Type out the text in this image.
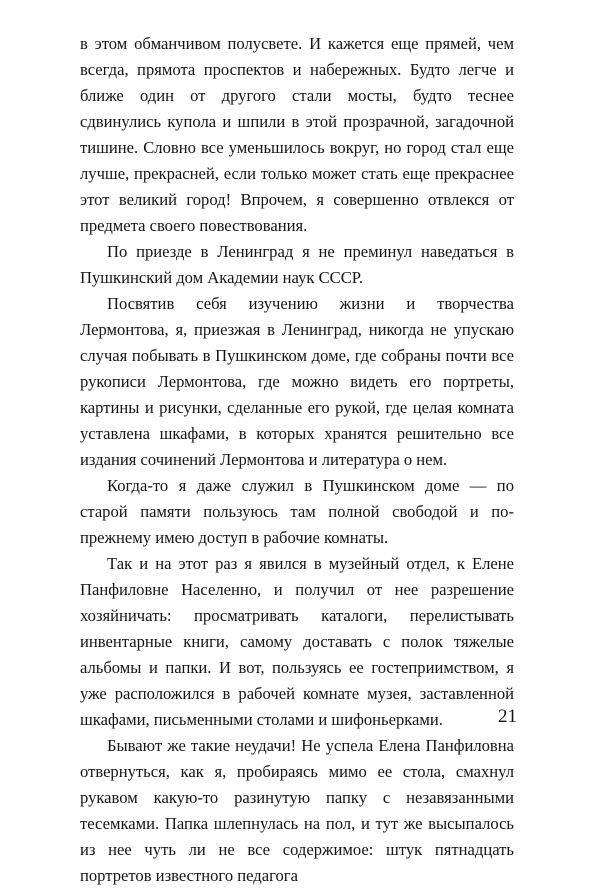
в этом обманчивом полусвете. И кажется еще прямей, чем всегда, прямота проспектов и набережных. Будто легче и ближе один от другого стали мосты, будто теснее сдвинулись купола и шпили в этой прозрачной, загадочной тишине. Словно все уменьшилось вокруг, но город стал еще лучше, прекрасней, если только может стать еще прекраснее этот великий город! Впрочем, я совершенно отвлекся от предмета своего повествования.

По приезде в Ленинград я не преминул наведаться в Пушкинский дом Академии наук СССР.

Посвятив себя изучению жизни и творчества Лермонтова, я, приезжая в Ленинград, никогда не упускаю случая побывать в Пушкинском доме, где собраны почти все рукописи Лермонтова, где можно видеть его портреты, картины и рисунки, сделанные его рукой, где целая комната уставлена шкафами, в которых хранятся решительно все издания сочинений Лермонтова и литература о нем.

Когда-то я даже служил в Пушкинском доме — по старой памяти пользуюсь там полной свободой и по-прежнему имею доступ в рабочие комнаты.

Так и на этот раз я явился в музейный отдел, к Елене Панфиловне Населенно, и получил от нее разрешение хозяйничать: просматривать каталоги, перелистывать инвентарные книги, самому доставать с полок тяжелые альбомы и папки. И вот, пользуясь ее гостеприимством, я уже расположился в рабочей комнате музея, заставленной шкафами, письменными столами и шифоньерками.

Бывают же такие неудачи! Не успела Елена Панфиловна отвернуться, как я, пробираясь мимо ее стола, смахнул рукавом какую-то разинутую папку с незавязанными тесемками. Папка шлепнулась на пол, и тут же высыпалось из нее чуть ли не все содержимое: штук пятнадцать портретов известного педагога

21
